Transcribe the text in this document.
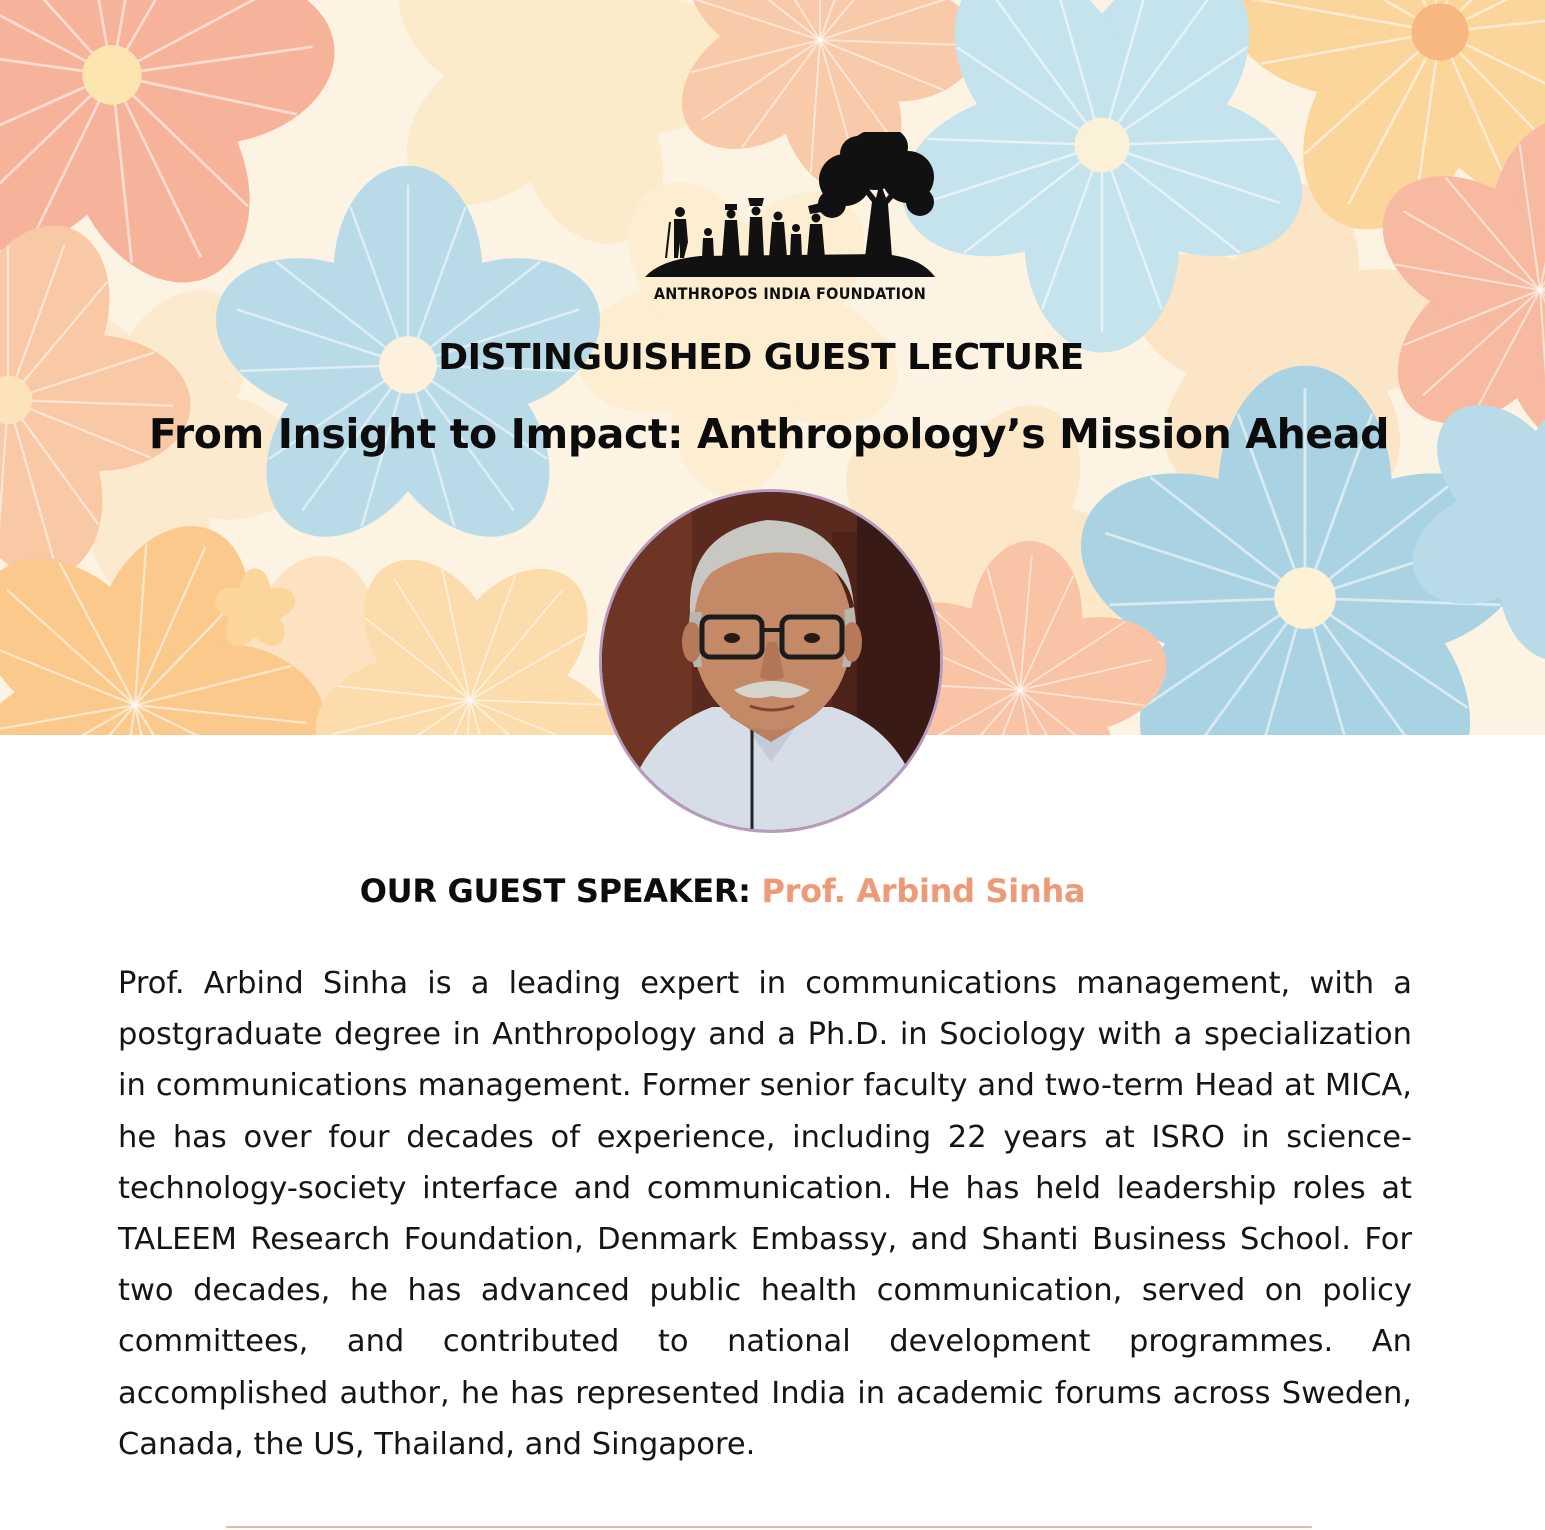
ANTHROPOS INDIA FOUNDATION
DISTINGUISHED GUEST LECTURE
From Insight to Impact: Anthropology’s Mission Ahead
OUR GUEST SPEAKER: Prof. Arbind Sinha

Prof. Arbind Sinha is a leading expert in communications management, with a postgraduate degree in Anthropology and a Ph.D. in Sociology with a specialization in communications management. Former senior faculty and two-term Head at MICA, he has over four decades of experience, including 22 years at ISRO in science-technology-society interface and communication. He has held leadership roles at TALEEM Research Foundation, Denmark Embassy, and Shanti Business School. For two decades, he has advanced public health communication, served on policy committees, and contributed to national development programmes. An accomplished author, he has represented India in academic forums across Sweden, Canada, the US, Thailand, and Singapore.
